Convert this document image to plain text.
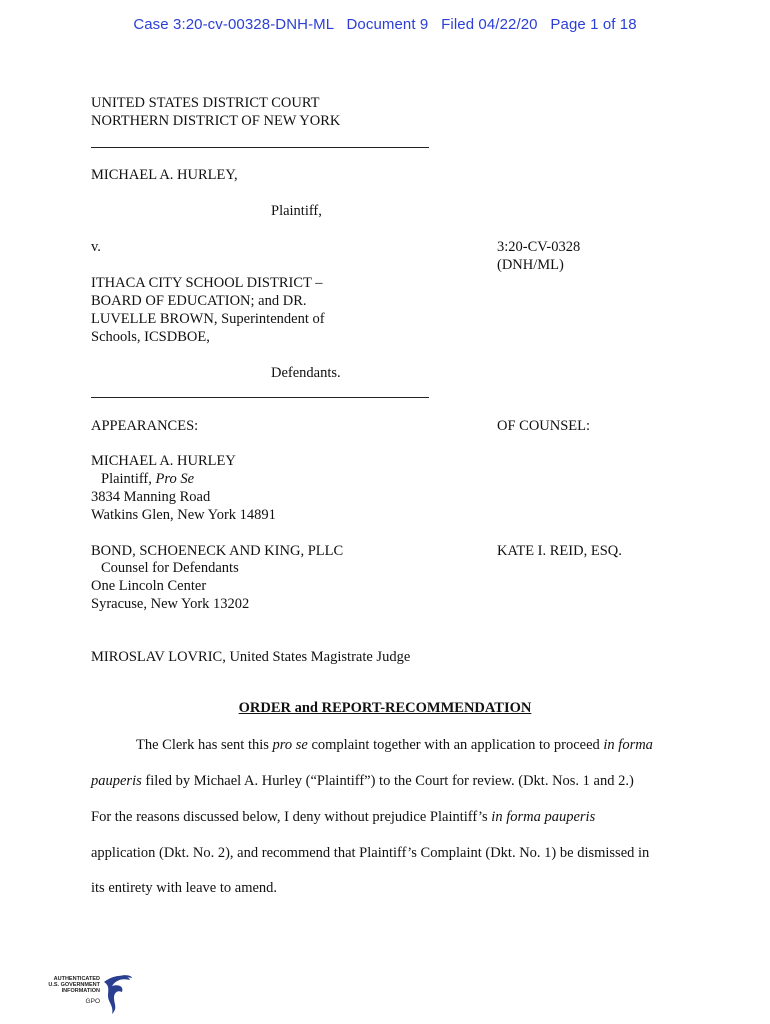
Case 3:20-cv-00328-DNH-ML   Document 9   Filed 04/22/20   Page 1 of 18
UNITED STATES DISTRICT COURT
NORTHERN DISTRICT OF NEW YORK
MICHAEL A. HURLEY,
Plaintiff,
v.	3:20-CV-0328
(DNH/ML)
ITHACA CITY SCHOOL DISTRICT –
BOARD OF EDUCATION; and DR.
LUVELLE BROWN, Superintendent of
Schools, ICSDBOE,
Defendants.
APPEARANCES:	OF COUNSEL:
MICHAEL A. HURLEY
Plaintiff, Pro Se
3834 Manning Road
Watkins Glen, New York 14891
BOND, SCHOENECK AND KING, PLLC	KATE I. REID, ESQ.
Counsel for Defendants
One Lincoln Center
Syracuse, New York 13202
MIROSLAV LOVRIC, United States Magistrate Judge
ORDER and REPORT-RECOMMENDATION
The Clerk has sent this pro se complaint together with an application to proceed in forma
pauperis filed by Michael A. Hurley (“Plaintiff”) to the Court for review. (Dkt. Nos. 1 and 2.)
For the reasons discussed below, I deny without prejudice Plaintiff’s in forma pauperis
application (Dkt. No. 2), and recommend that Plaintiff’s Complaint (Dkt. No. 1) be dismissed in
its entirety with leave to amend.
AUTHENTICATED
U.S. GOVERNMENT
INFORMATION
GPO
